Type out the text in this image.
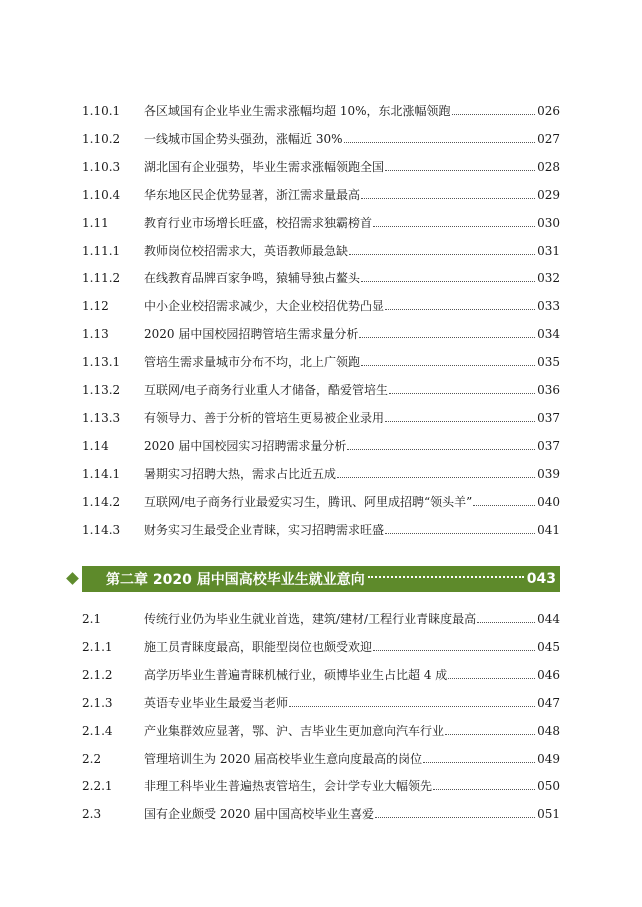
1.10.1	各区域国有企业毕业生需求涨幅均超 10%，东北涨幅领跑	026
1.10.2	一线城市国企势头强劲，涨幅近 30%	027
1.10.3	湖北国有企业强势，毕业生需求涨幅领跑全国	028
1.10.4	华东地区民企优势显著，浙江需求量最高	029
1.11	教育行业市场增长旺盛，校招需求独霸榜首	030
1.11.1	教师岗位校招需求大，英语教师最急缺	031
1.11.2	在线教育品牌百家争鸣，猿辅导独占鳌头	032
1.12	中小企业校招需求减少，大企业校招优势凸显	033
1.13	2020 届中国校园招聘管培生需求量分析	034
1.13.1	管培生需求量城市分布不均，北上广领跑	035
1.13.2	互联网/电子商务行业重人才储备，酷爱管培生	036
1.13.3	有领导力、善于分析的管培生更易被企业录用	037
1.14	2020 届中国校园实习招聘需求量分析	037
1.14.1	暑期实习招聘大热，需求占比近五成	039
1.14.2	互联网/电子商务行业最爱实习生，腾讯、阿里成招聘“领头羊”	040
1.14.3	财务实习生最受企业青睐，实习招聘需求旺盛	041
第二章 2020 届中国高校毕业生就业意向	043
2.1	传统行业仍为毕业生就业首选，建筑/建材/工程行业青睐度最高	044
2.1.1	施工员青睐度最高，职能型岗位也颇受欢迎	045
2.1.2	高学历毕业生普遍青睐机械行业，硕博毕业生占比超 4 成	046
2.1.3	英语专业毕业生最爱当老师	047
2.1.4	产业集群效应显著，鄂、沪、吉毕业生更加意向汽车行业	048
2.2	管理培训生为 2020 届高校毕业生意向度最高的岗位	049
2.2.1	非理工科毕业生普遍热衷管培生，会计学专业大幅领先	050
2.3	国有企业颇受 2020 届中国高校毕业生喜爱	051
